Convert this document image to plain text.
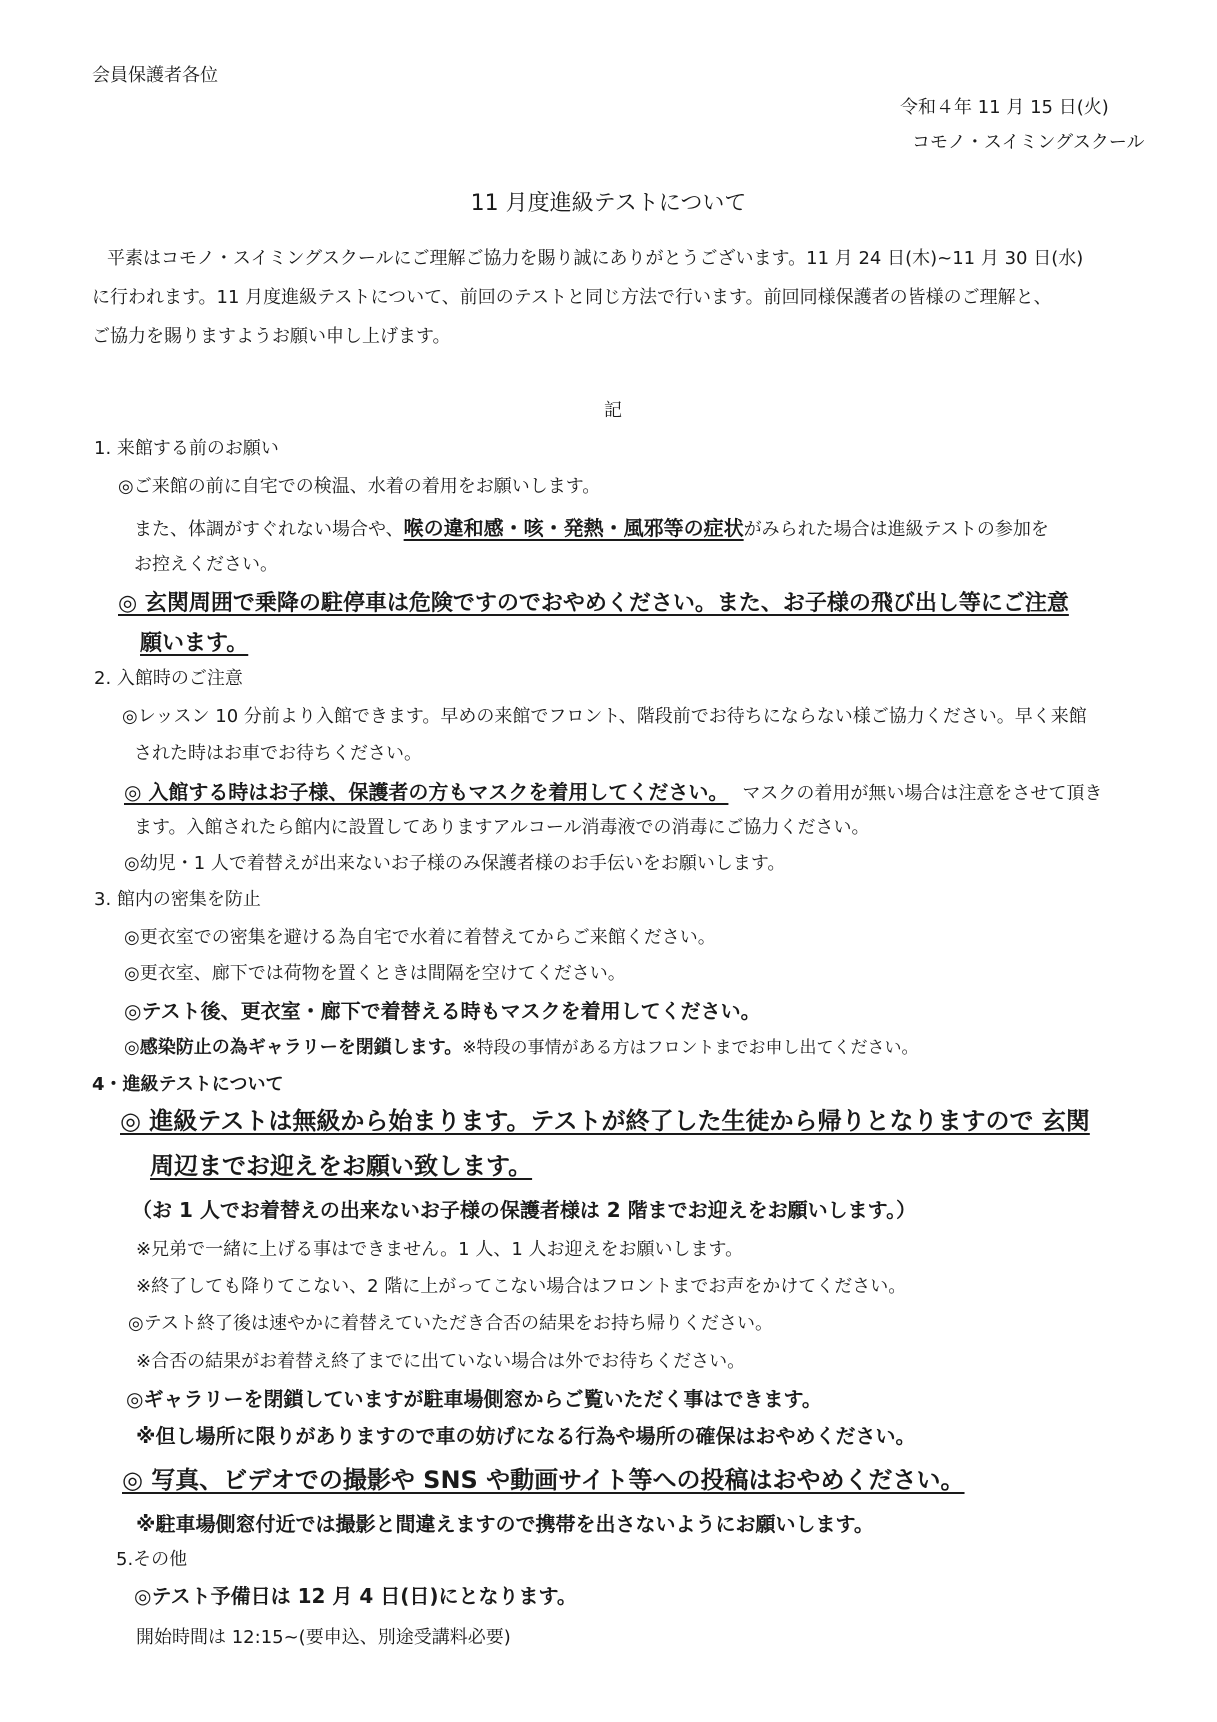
会員保護者各位
令和４年 11 月 15 日(火)
コモノ・スイミングスクール
11 月度進級テストについて
平素はコモノ・スイミングスクールにご理解ご協力を賜り誠にありがとうございます。11 月 24 日(木)~11 月 30 日(水)
に行われます。11 月度進級テストについて、前回のテストと同じ方法で行います。前回同様保護者の皆様のご理解と、
ご協力を賜りますようお願い申し上げます。
記
1. 来館する前のお願い
◎ご来館の前に自宅での検温、水着の着用をお願いします。
また、体調がすぐれない場合や、喉の違和感・咳・発熱・風邪等の症状がみられた場合は進級テストの参加を
お控えください。
◎ 玄関周囲で乗降の駐停車は危険ですのでおやめください。また、お子様の飛び出し等にご注意
願います。
2. 入館時のご注意
◎レッスン 10 分前より入館できます。早めの来館でフロント、階段前でお待ちにならない様ご協力ください。早く来館
された時はお車でお待ちください。
◎ 入館する時はお子様、保護者の方もマスクを着用してください。 マスクの着用が無い場合は注意をさせて頂き
ます。入館されたら館内に設置してありますアルコール消毒液での消毒にご協力ください。
◎幼児・1 人で着替えが出来ないお子様のみ保護者様のお手伝いをお願いします。
3. 館内の密集を防止
◎更衣室での密集を避ける為自宅で水着に着替えてからご来館ください。
◎更衣室、廊下では荷物を置くときは間隔を空けてください。
◎テスト後、更衣室・廊下で着替える時もマスクを着用してください。
◎感染防止の為ギャラリーを閉鎖します。※特段の事情がある方はフロントまでお申し出てください。
4・進級テストについて
◎ 進級テストは無級から始まります。テストが終了した生徒から帰りとなりますので 玄関
周辺までお迎えをお願い致します。
（お 1 人でお着替えの出来ないお子様の保護者様は 2 階までお迎えをお願いします。）
※兄弟で一緒に上げる事はできません。1 人、1 人お迎えをお願いします。
※終了しても降りてこない、2 階に上がってこない場合はフロントまでお声をかけてください。
◎テスト終了後は速やかに着替えていただき合否の結果をお持ち帰りください。
※合否の結果がお着替え終了までに出ていない場合は外でお待ちください。
◎ギャラリーを閉鎖していますが駐車場側窓からご覧いただく事はできます。
※但し場所に限りがありますので車の妨げになる行為や場所の確保はおやめください。
◎ 写真、ビデオでの撮影や SNS や動画サイト等への投稿はおやめください。
※駐車場側窓付近では撮影と間違えますので携帯を出さないようにお願いします。
5.その他
◎テスト予備日は 12 月 4 日(日)にとなります。
開始時間は 12:15~(要申込、別途受講料必要)
